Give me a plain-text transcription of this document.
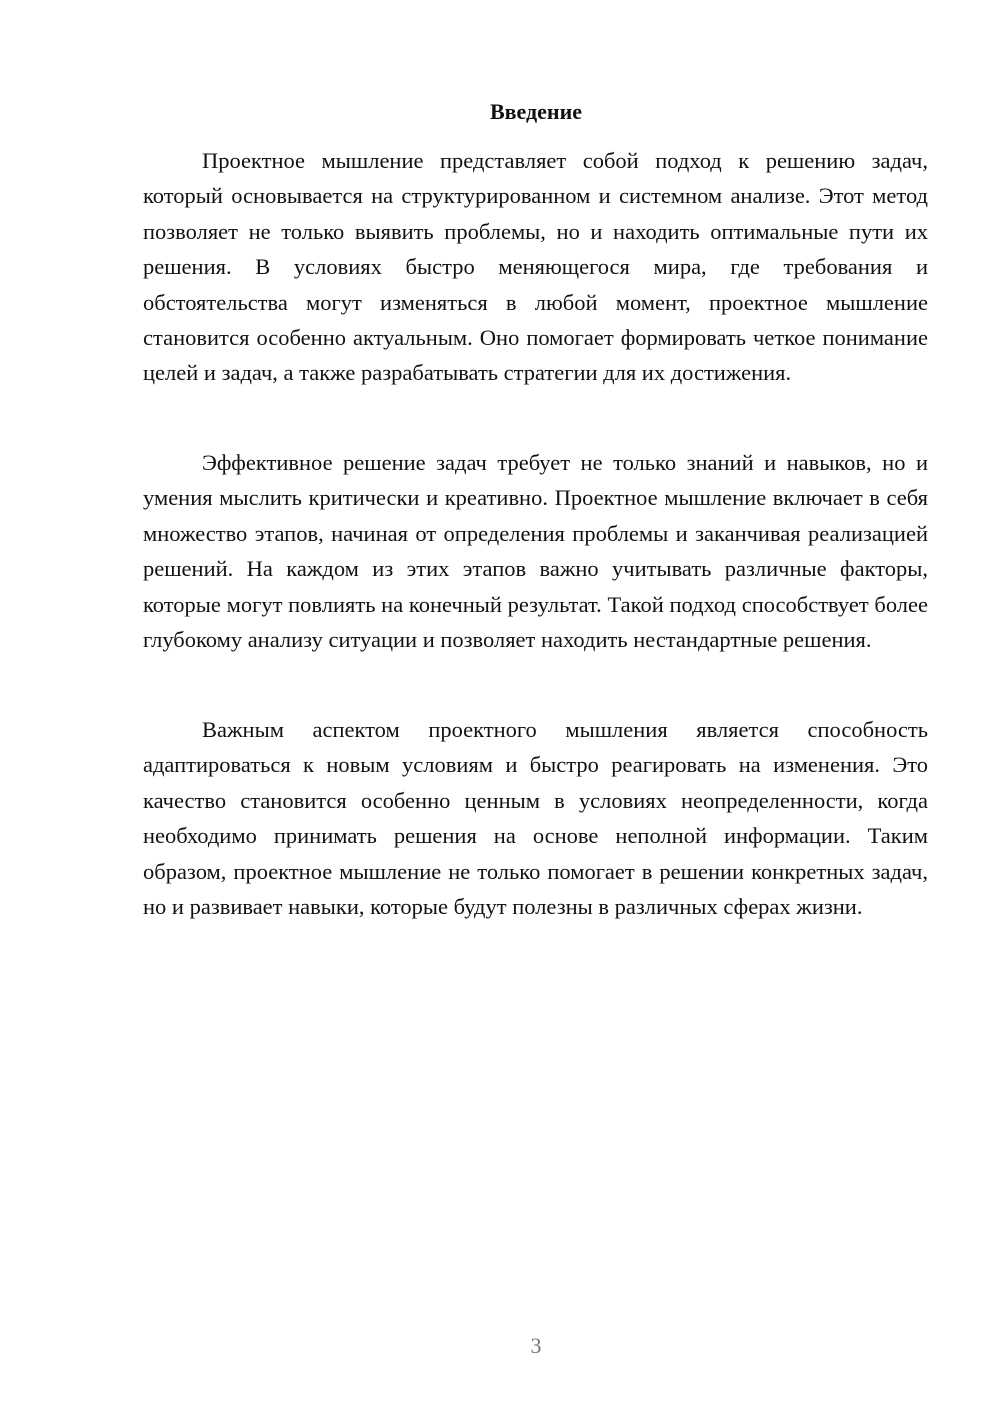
Введение

Проектное мышление представляет собой подход к решению задач, который основывается на структурированном и системном анализе. Этот метод позволяет не только выявить проблемы, но и находить оптимальные пути их решения. В условиях быстро меняющегося мира, где требования и обстоятельства могут изменяться в любой момент, проектное мышление становится особенно актуальным. Оно помогает формировать четкое понимание целей и задач, а также разрабатывать стратегии для их достижения.

Эффективное решение задач требует не только знаний и навыков, но и умения мыслить критически и креативно. Проектное мышление включает в себя множество этапов, начиная от определения проблемы и заканчивая реализацией решений. На каждом из этих этапов важно учитывать различные факторы, которые могут повлиять на конечный результат. Такой подход способствует более глубокому анализу ситуации и позволяет находить нестандартные решения.

Важным аспектом проектного мышления является способность адаптироваться к новым условиям и быстро реагировать на изменения. Это качество становится особенно ценным в условиях неопределенности, когда необходимо принимать решения на основе неполной информации. Таким образом, проектное мышление не только помогает в решении конкретных задач, но и развивает навыки, которые будут полезны в различных сферах жизни.

3
